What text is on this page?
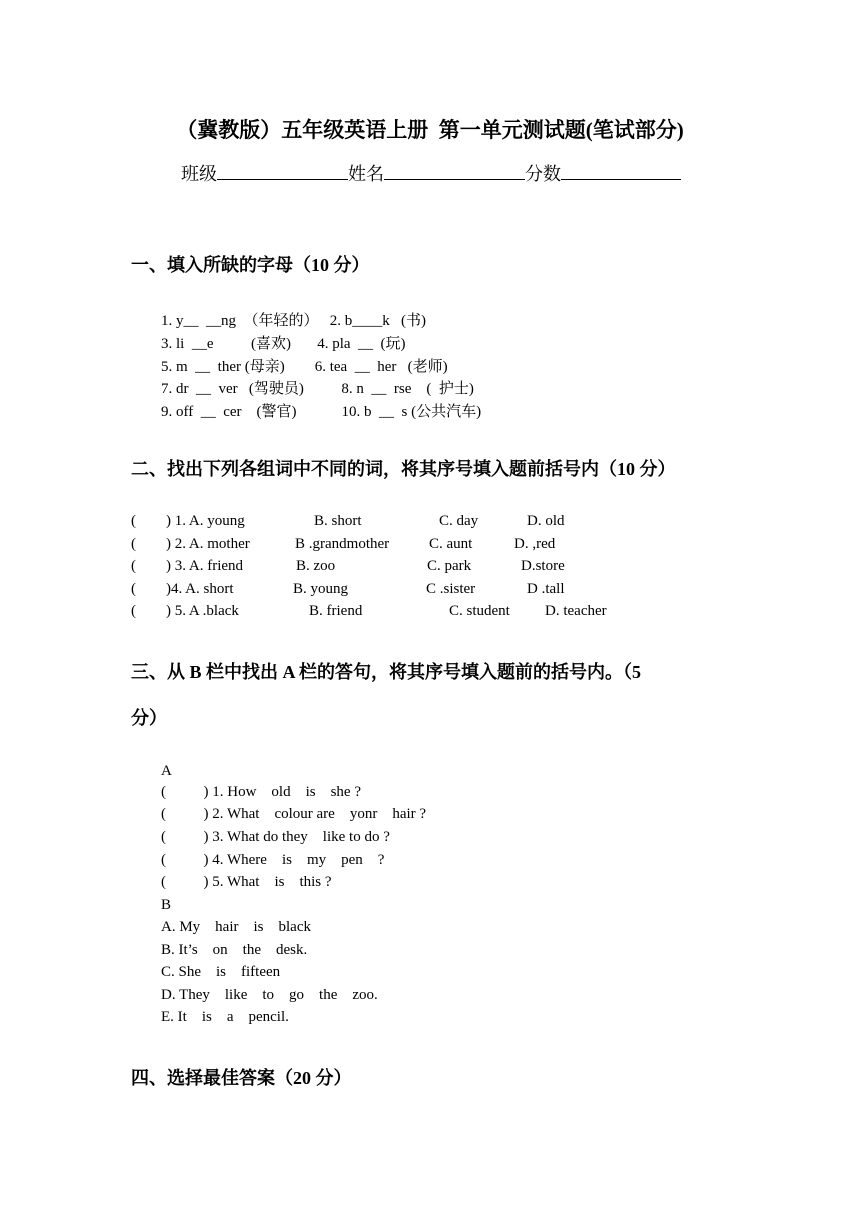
（冀教版）五年级英语上册  第一单元测试题(笔试部分)
班级	姓名	分数
一、填入所缺的字母（10 分）
1. y__  __ng  （年轻的）   2. b____k   (书)
3. li  __e          (喜欢)       4. pla  __  (玩)
5. m  __  ther (母亲)        6. tea  __  her   (老师)
7. dr  __  ver   (驾驶员)          8. n  __  rse    (  护士)
9. off  __  cer    (警官)            10. b  __  s (公共汽车)
二、找出下列各组词中不同的词，将其序号填入题前括号内（10 分）
(        ) 1. A. young	B. short	C. day	D. old
(        ) 2. A. mother	B .grandmother	C. aunt	D. ,red
(        ) 3. A. friend	B. zoo	C. park	D.store
(        )4. A. short	B. young	C .sister	D .tall
(        ) 5. A .black	B. friend	C. student D. teacher
三、从 B 栏中找出 A 栏的答句，将其序号填入题前的括号内。（5
分）
A
(          ) 1. How    old    is    she ?
(          ) 2. What    colour are    yonr    hair ?
(          ) 3. What do they    like to do ?
(          ) 4. Where    is    my    pen    ?
(          ) 5. What    is    this ?
B
A. My    hair    is    black
B. It’s    on    the    desk.
C. She    is    fifteen
D. They    like    to    go    the    zoo.
E. It    is    a    pencil.
四、选择最佳答案（20 分）
